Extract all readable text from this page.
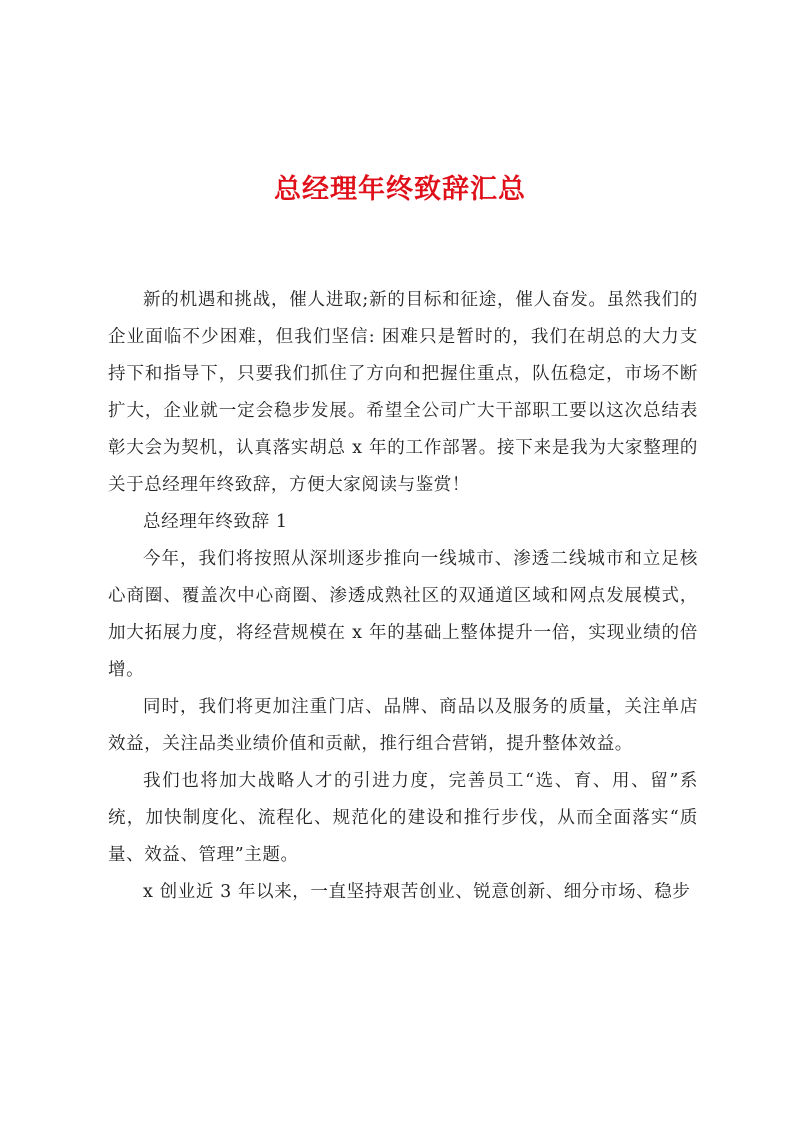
总经理年终致辞汇总

新的机遇和挑战，催人进取;新的目标和征途，催人奋发。虽然我们的企业面临不少困难，但我们坚信: 困难只是暂时的，我们在胡总的大力支持下和指导下，只要我们抓住了方向和把握住重点，队伍稳定，市场不断扩大，企业就一定会稳步发展。希望全公司广大干部职工要以这次总结表彰大会为契机，认真落实胡总 x 年的工作部署。接下来是我为大家整理的关于总经理年终致辞，方便大家阅读与鉴赏！

总经理年终致辞 1

今年，我们将按照从深圳逐步推向一线城市、渗透二线城市和立足核心商圈、覆盖次中心商圈、渗透成熟社区的双通道区域和网点发展模式，加大拓展力度，将经营规模在 x 年的基础上整体提升一倍，实现业绩的倍增。

同时，我们将更加注重门店、品牌、商品以及服务的质量，关注单店效益，关注品类业绩价值和贡献，推行组合营销，提升整体效益。

我们也将加大战略人才的引进力度，完善员工“选、育、用、留”系统，加快制度化、流程化、规范化的建设和推行步伐，从而全面落实“质量、效益、管理”主题。

x 创业近 3 年以来，一直坚持艰苦创业、锐意创新、细分市场、稳步
